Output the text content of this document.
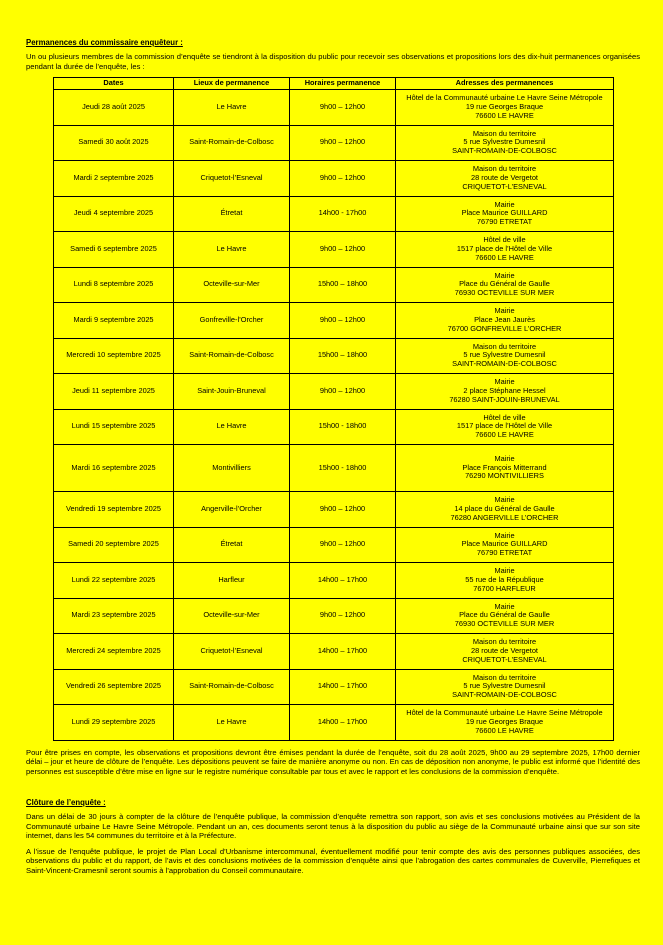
Permanences du commissaire enquêteur :

Un ou plusieurs membres de la commission d’enquête se tiendront à la disposition du public pour recevoir ses observations et propositions lors des dix-huit permanences organisées pendant la durée de l’enquête, les :

Dates	Lieux de permanence	Horaires permanence	Adresses des permanences
Jeudi 28 août 2025	Le Havre	9h00 – 12h00	Hôtel de la Communauté urbaine Le Havre Seine Métropole
19 rue Georges Braque
76600 LE HAVRE

Samedi 30 août 2025	Saint-Romain-de-Colbosc	9h00 – 12h00	Maison du territoire
5 rue Sylvestre Dumesnil
SAINT-ROMAIN-DE-COLBOSC

Mardi 2 septembre 2025	Criquetot-l’Esneval	9h00 – 12h00	Maison du territoire
28 route de Vergetot
CRIQUETOT-L’ESNEVAL

Jeudi 4 septembre 2025	Étretat	14h00 - 17h00	Mairie
Place Maurice GUILLARD
76790 ETRETAT

Samedi 6 septembre 2025	Le Havre	9h00 – 12h00	Hôtel de ville
1517 place de l’Hôtel de Ville
76600 LE HAVRE

Lundi 8 septembre 2025	Octeville-sur-Mer	15h00 – 18h00	Mairie
Place du Général de Gaulle
76930 OCTEVILLE SUR MER

Mardi 9 septembre 2025	Gonfreville-l’Orcher	9h00 – 12h00	Mairie
Place Jean Jaurès
76700 GONFREVILLE L’ORCHER

Mercredi 10 septembre 2025	Saint-Romain-de-Colbosc	15h00 – 18h00	Maison du territoire
5 rue Sylvestre Dumesnil
SAINT-ROMAIN-DE-COLBOSC

Jeudi 11 septembre 2025	Saint-Jouin-Bruneval	9h00 – 12h00	Mairie
2 place Stéphane Hessel
76280 SAINT-JOUIN-BRUNEVAL

Lundi 15 septembre 2025	Le Havre	15h00 - 18h00	Hôtel de ville
1517 place de l’Hôtel de Ville
76600 LE HAVRE

Mardi 16 septembre 2025	Montivilliers	15h00 - 18h00	Mairie
Place François Mitterrand
76290 MONTIVILLIERS

Vendredi 19 septembre 2025	Angerville-l’Orcher	9h00 – 12h00	Mairie
14 place du Général de Gaulle
76280 ANGERVILLE L’ORCHER

Samedi 20 septembre 2025	Étretat	9h00 – 12h00	Mairie
Place Maurice GUILLARD
76790 ETRETAT

Lundi 22 septembre 2025	Harfleur	14h00 – 17h00	Mairie
55 rue de la République
76700 HARFLEUR

Mardi 23 septembre 2025	Octeville-sur-Mer	9h00 – 12h00	Mairie
Place du Général de Gaulle
76930 OCTEVILLE SUR MER

Mercredi 24 septembre 2025	Criquetot-l’Esneval	14h00 – 17h00	Maison du territoire
28 route de Vergetot
CRIQUETOT-L’ESNEVAL

Vendredi 26 septembre 2025	Saint-Romain-de-Colbosc	14h00 – 17h00	Maison du territoire
5 rue Sylvestre Dumesnil
SAINT-ROMAIN-DE-COLBOSC

Lundi 29 septembre 2025	Le Havre	14h00 – 17h00	Hôtel de la Communauté urbaine Le Havre Seine Métropole
19 rue Georges Braque
76600 LE HAVRE

Pour être prises en compte, les observations et propositions devront être émises pendant la durée de l’enquête, soit du 28 août 2025, 9h00 au 29 septembre 2025, 17h00 dernier délai – jour et heure de clôture de l’enquête. Les dépositions peuvent se faire de manière anonyme ou non. En cas de déposition non anonyme, le public est informé que l’identité des personnes est susceptible d’être mise en ligne sur le registre numérique consultable par tous et avec le rapport et les conclusions de la commission d’enquête.

Clôture de l’enquête :

Dans un délai de 30 jours à compter de la clôture de l’enquête publique, la commission d’enquête remettra son rapport, son avis et ses conclusions motivées au Président de la Communauté urbaine Le Havre Seine Métropole. Pendant un an, ces documents seront tenus à la disposition du public au siège de la Communauté urbaine ainsi que sur son site internet, dans les 54 communes du territoire et à la Préfecture.

A l’issue de l’enquête publique, le projet de Plan Local d’Urbanisme intercommunal, éventuellement modifié pour tenir compte des avis des personnes publiques associées, des observations du public et du rapport, de l’avis et des conclusions motivées de la commission d’enquête ainsi que l’abrogation des cartes communales de Cuverville, Pierrefiques et Saint-Vincent-Cramesnil seront soumis à l’approbation du Conseil communautaire.
